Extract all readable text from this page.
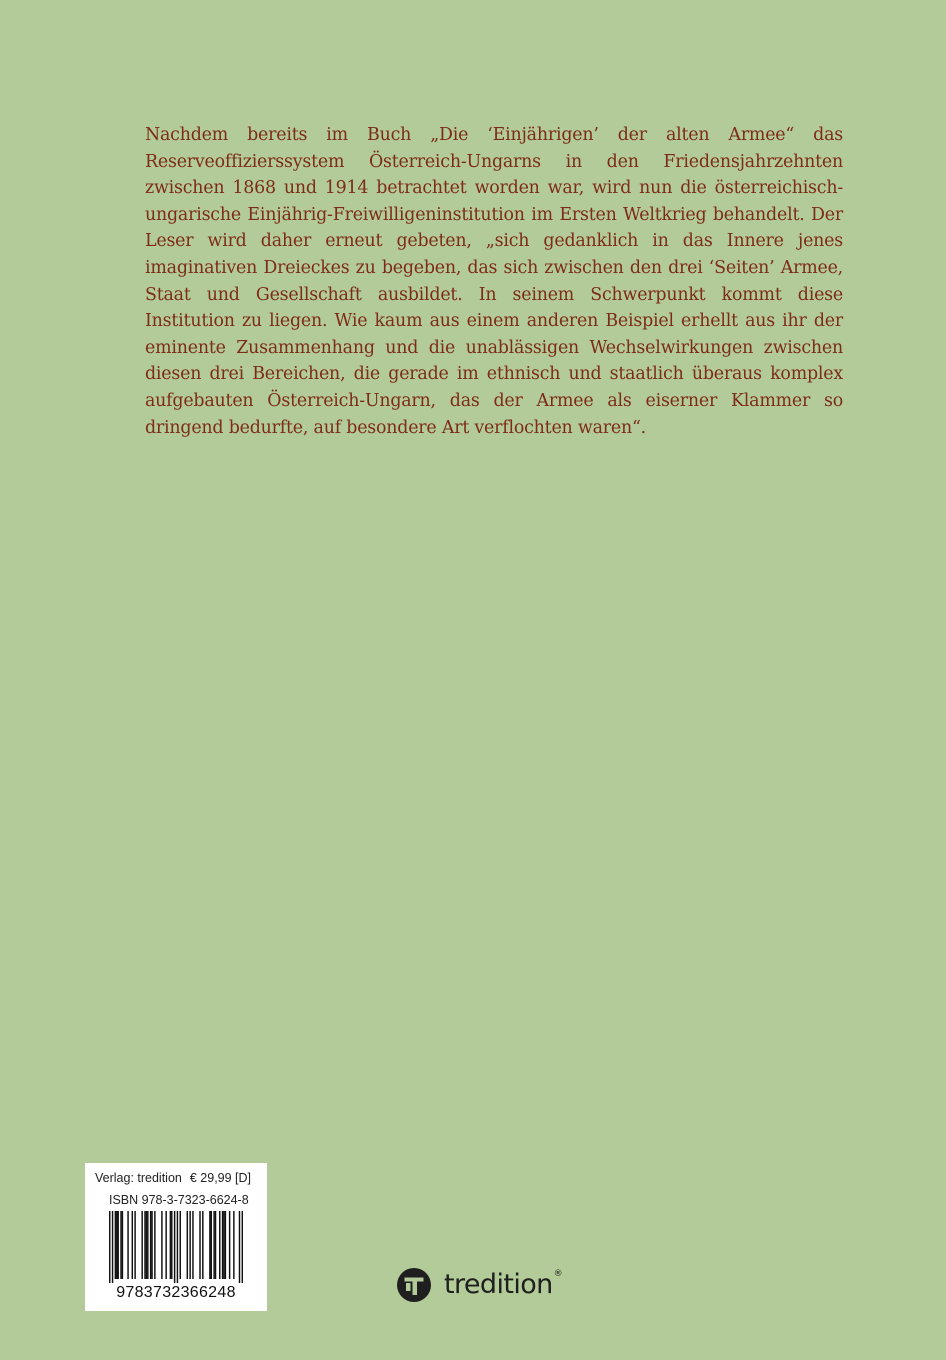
Nachdem bereits im Buch „Die ‘Einjährigen’ der alten Armee“ das Reserveoffizierssystem Österreich-Ungarns in den Friedensjahrzehnten zwischen 1868 und 1914 betrachtet worden war, wird nun die österreichisch-ungarische Einjährig-Freiwilligeninstitution im Ersten Weltkrieg behandelt. Der Leser wird daher erneut gebeten, „sich gedanklich in das Innere jenes imaginativen Dreieckes zu begeben, das sich zwischen den drei ‘Seiten’ Armee, Staat und Gesellschaft ausbildet. In seinem Schwerpunkt kommt diese Institution zu liegen. Wie kaum aus einem anderen Beispiel erhellt aus ihr der eminente Zusammenhang und die unablässigen Wechselwirkungen zwischen diesen drei Bereichen, die gerade im ethnisch und staatlich überaus komplex aufgebauten Österreich-Ungarn, das der Armee als eiserner Klammer so dringend bedurfte, auf besondere Art verflochten waren“.

Verlag: tredition € 29,99 [D]
ISBN 978-3-7323-6624-8
9783732366248	tredition ®
